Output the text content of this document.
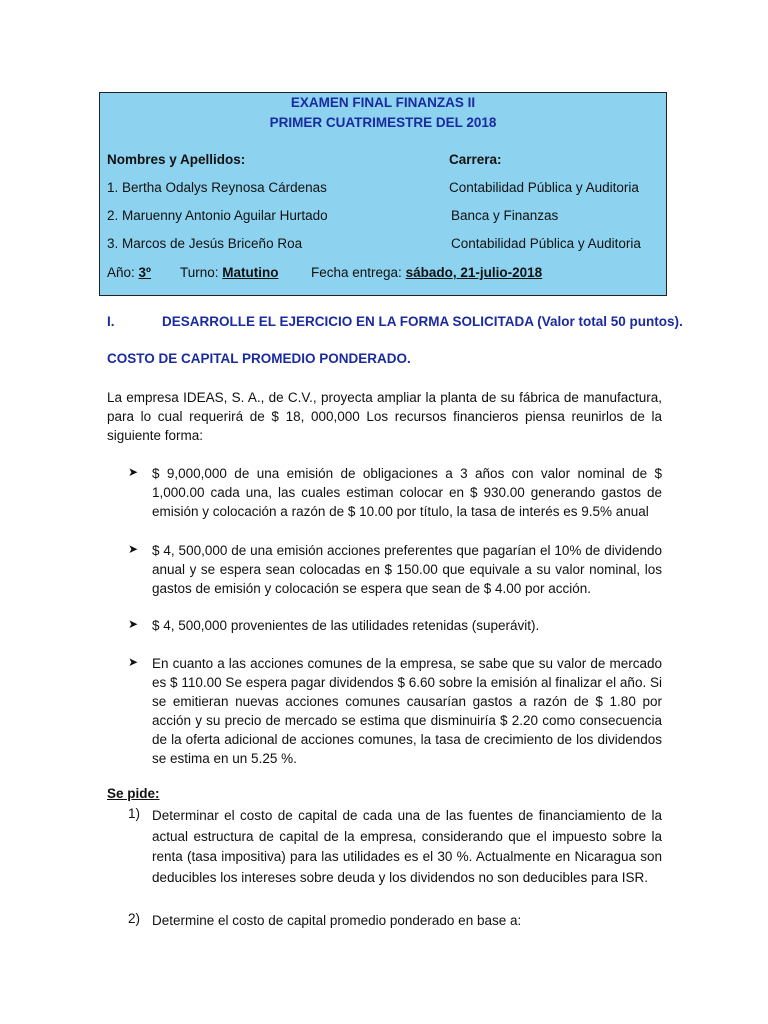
EXAMEN FINAL FINANZAS II
PRIMER CUATRIMESTRE DEL 2018
Nombres y Apellidos:	Carrera:
1. Bertha Odalys Reynosa Cárdenas	Contabilidad Pública y Auditoria
2. Maruenny Antonio Aguilar Hurtado	Banca y Finanzas
3. Marcos de Jesús Briceño Roa	Contabilidad Pública y Auditoria
Año: 3º Turno: Matutino Fecha entrega: sábado, 21-julio-2018
I.	DESARROLLE EL EJERCICIO EN LA FORMA SOLICITADA (Valor total 50 puntos).
COSTO DE CAPITAL PROMEDIO PONDERADO.
La empresa IDEAS, S. A., de C.V., proyecta ampliar la planta de su fábrica de manufactura, para lo cual requerirá de $ 18, 000,000 Los recursos financieros piensa reunirlos de la siguiente forma:
➤ $ 9,000,000 de una emisión de obligaciones a 3 años con valor nominal de $ 1,000.00 cada una, las cuales estiman colocar en $ 930.00 generando gastos de emisión y colocación a razón de $ 10.00 por título, la tasa de interés es 9.5% anual
➤ $ 4, 500,000 de una emisión acciones preferentes que pagarían el 10% de dividendo anual y se espera sean colocadas en $ 150.00 que equivale a su valor nominal, los gastos de emisión y colocación se espera que sean de $ 4.00 por acción.
➤ $ 4, 500,000 provenientes de las utilidades retenidas (superávit).
➤ En cuanto a las acciones comunes de la empresa, se sabe que su valor de mercado es $ 110.00 Se espera pagar dividendos $ 6.60 sobre la emisión al finalizar el año. Si se emitieran nuevas acciones comunes causarían gastos a razón de $ 1.80 por acción y su precio de mercado se estima que disminuiría $ 2.20 como consecuencia de la oferta adicional de acciones comunes, la tasa de crecimiento de los dividendos se estima en un 5.25 %.
Se pide:
1) Determinar el costo de capital de cada una de las fuentes de financiamiento de la actual estructura de capital de la empresa, considerando que el impuesto sobre la renta (tasa impositiva) para las utilidades es el 30 %. Actualmente en Nicaragua son deducibles los intereses sobre deuda y los dividendos no son deducibles para ISR.
2) Determine el costo de capital promedio ponderado en base a:
